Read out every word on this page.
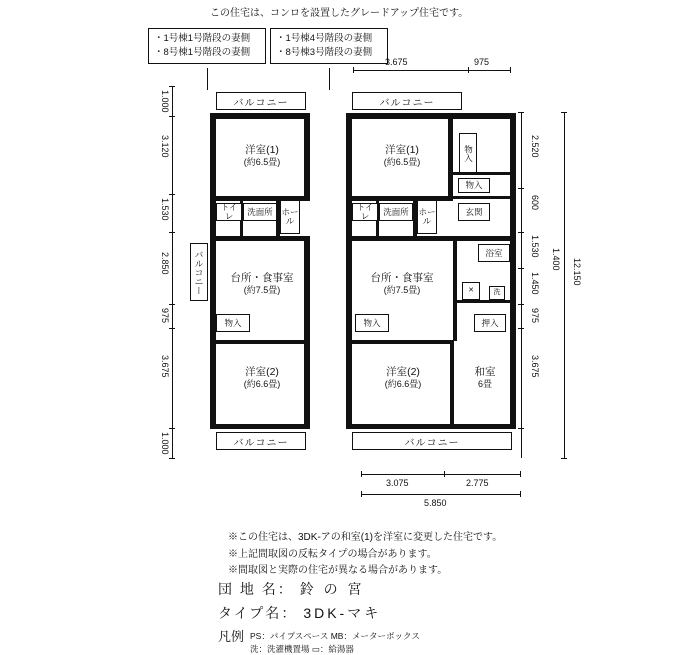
この住宅は、コンロを設置したグレードアップ住宅です。
・1号棟1号階段の妻側
・8号棟1号階段の妻側
・1号棟4号階段の妻側
・8号棟3号階段の妻側
3.675	975
1.000
3.120
1.530
2.850
975
3.675
1.000
2.520
600
1.530
1.450
1.400
975
3.675
12.150
バルコニー
バルコニー
バルコニー
洋室(1)
(約6.5畳)
台所・食事室
(約7.5畳)
洋室(2)
(約6.6畳)
トイレ	洗面所	ホール
物入
バルコニー
バルコニー
洋室(1)
(約6.5畳)
台所・食事室
(約7.5畳)
洋室(2)
(約6.6畳)
和室
6畳
トイレ	洗面所	ホール
物入
物入
玄関
浴室
押入
物入
洗
✕
3.075	2.775
5.850
※この住宅は、3DK-アの和室(1)を洋室に変更した住宅です。
※上記間取図の反転タイプの場合があります。
※間取図と実際の住宅が異なる場合があります。
団 地 名： 鈴 の 宮
タイプ名： 3DK-マキ
凡例 PS：パイプスペース MB：メーターボックス
洗：洗濯機置場 ▭：給湯器
